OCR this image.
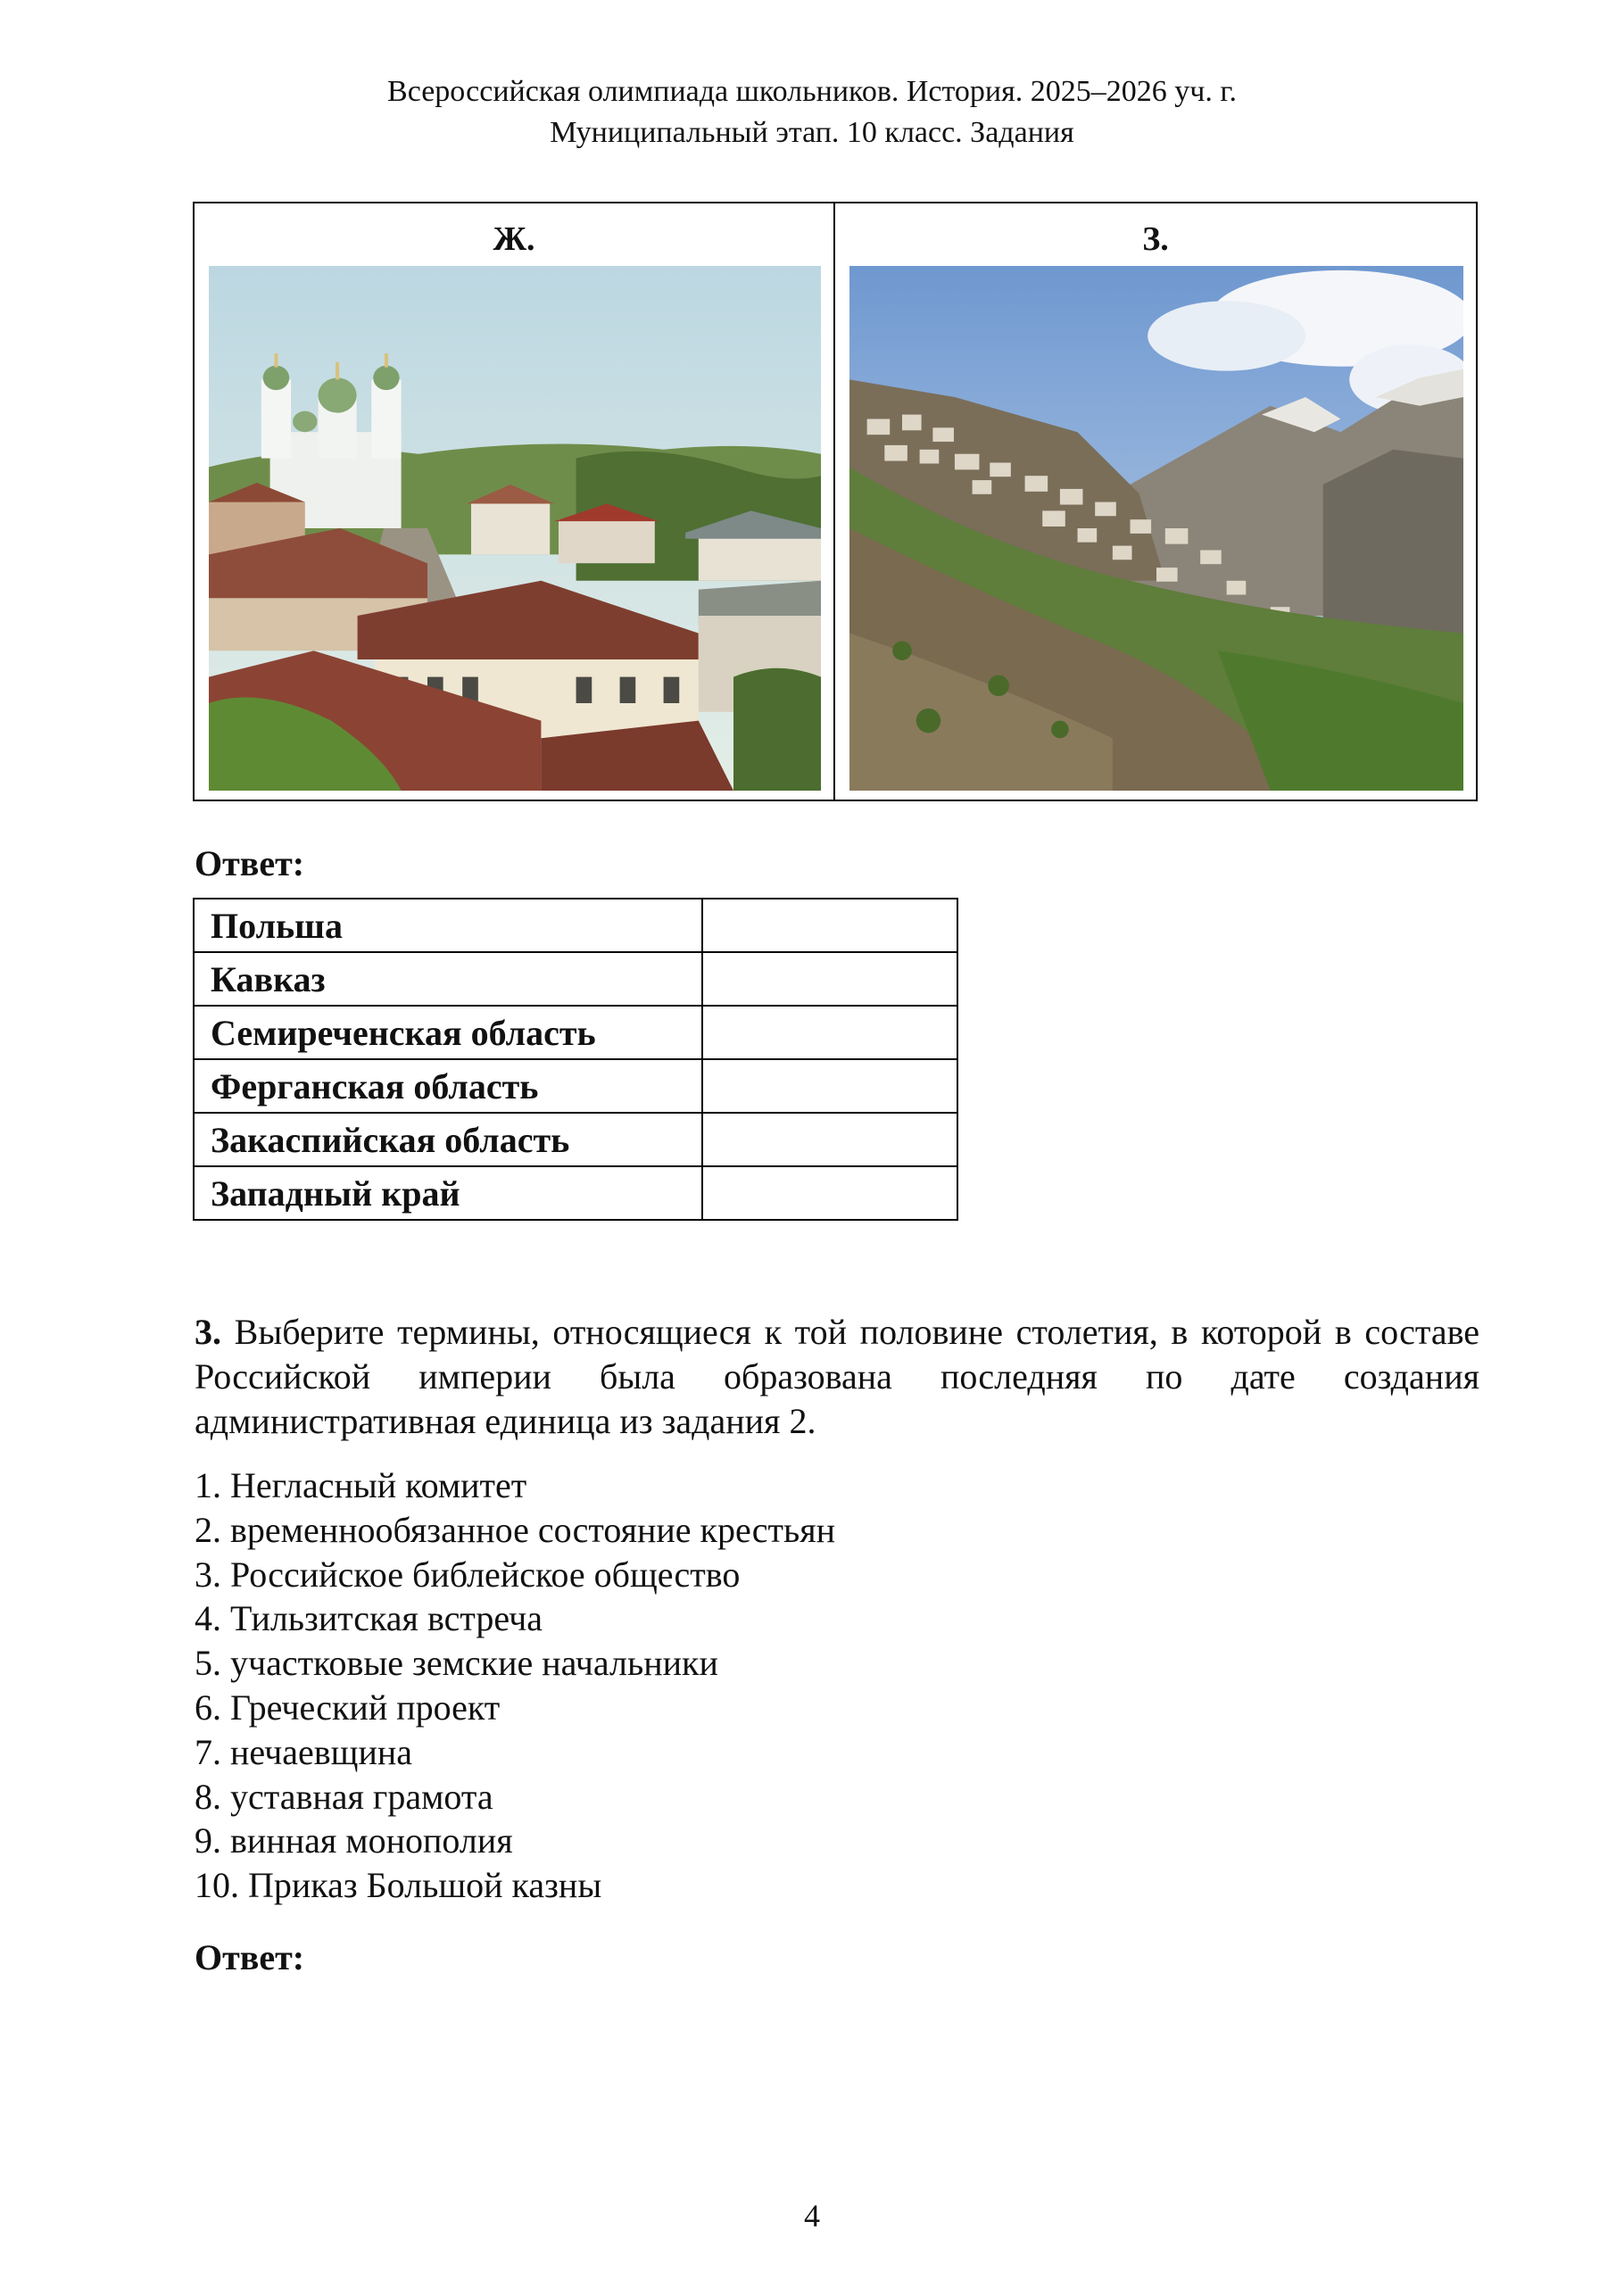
Всероссийская олимпиада школьников. История. 2025–2026 уч. г.
Муниципальный этап. 10 класс. Задания
Ж.	З.
Ответ:
Польша	
Кавказ	
Семиреченская область	
Ферганская область	
Закаспийская область	
Западный край	
3. Выберите термины, относящиеся к той половине столетия, в которой в составе Российской империи была образована последняя по дате создания административная единица из задания 2.
1. Негласный комитет
2. временнообязанное состояние крестьян
3. Российское библейское общество
4. Тильзитская встреча
5. участковые земские начальники
6. Греческий проект
7. нечаевщина
8. уставная грамота
9. винная монополия
10. Приказ Большой казны
Ответ:
4
